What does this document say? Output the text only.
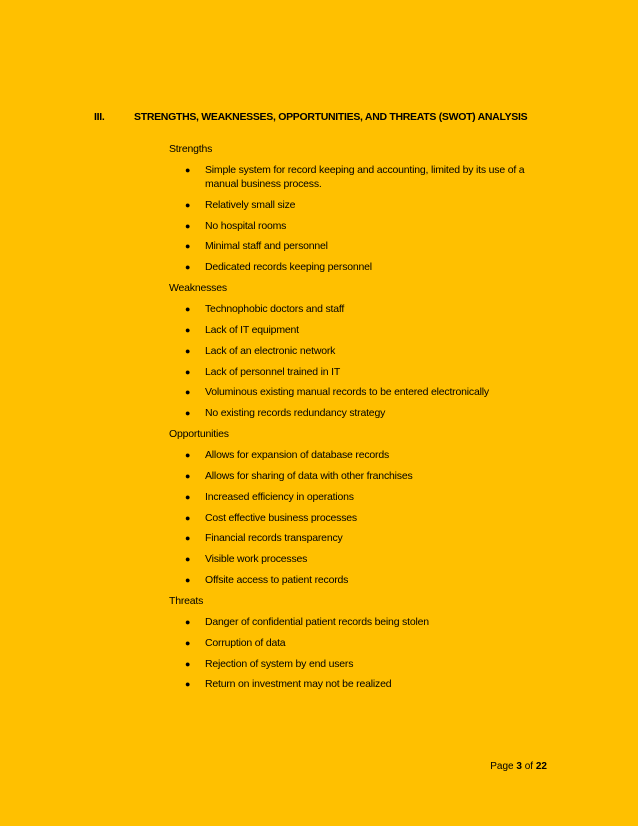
III.	STRENGTHS, WEAKNESSES, OPPORTUNITIES, AND THREATS (SWOT) ANALYSIS
Strengths
● Simple system for record keeping and accounting, limited by its use of a manual business process.
● Relatively small size
● No hospital rooms
● Minimal staff and personnel
● Dedicated records keeping personnel
Weaknesses
● Technophobic doctors and staff
● Lack of IT equipment
● Lack of an electronic network
● Lack of personnel trained in IT
● Voluminous existing manual records to be entered electronically
● No existing records redundancy strategy
Opportunities
● Allows for expansion of database records
● Allows for sharing of data with other franchises
● Increased efficiency in operations
● Cost effective business processes
● Financial records transparency
● Visible work processes
● Offsite access to patient records
Threats
● Danger of confidential patient records being stolen
● Corruption of data
● Rejection of system by end users
● Return on investment may not be realized
Page 3 of 22
